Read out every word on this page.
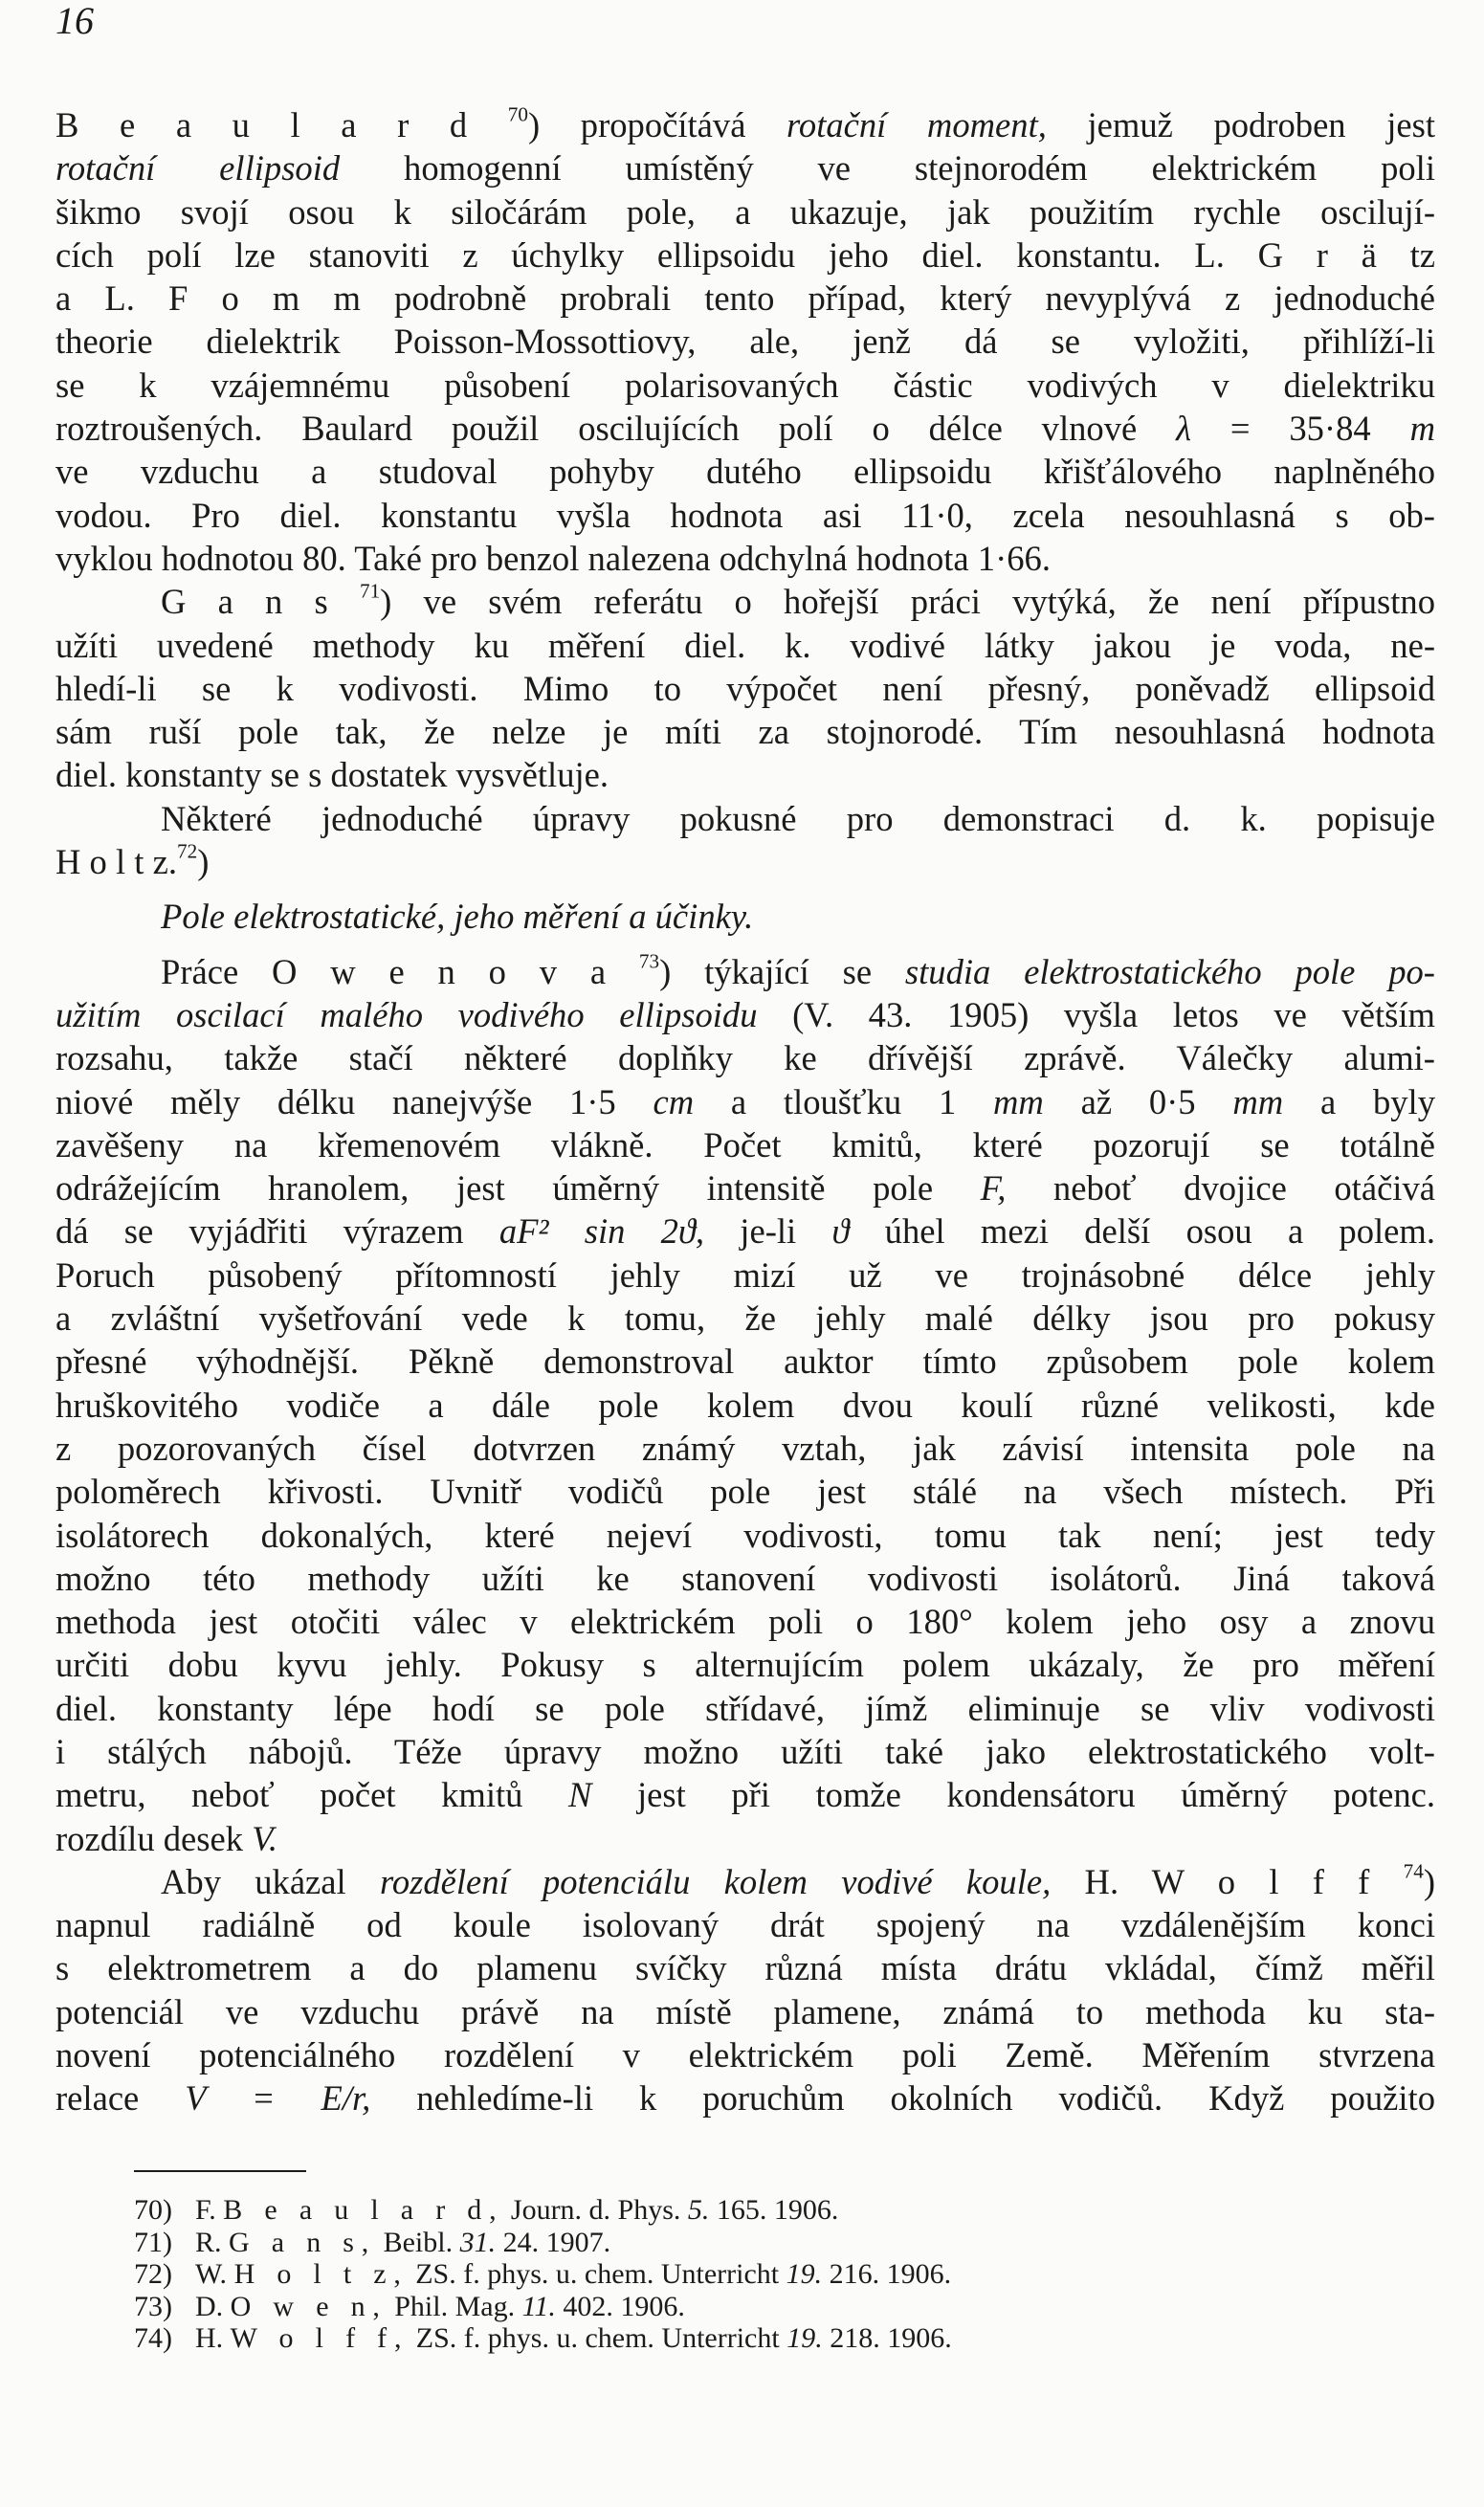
16
B e a u l a r d $^{70}$) propočítává rotační moment, jemuž podroben jest
rotační ellipsoid homogenní umístěný ve stejnorodém elektrickém poli
šikmo svojí osou k siločárám pole, a ukazuje, jak použitím rychle oscilují-
cích polí lze stanoviti z úchylky ellipsoidu jeho diel. konstantu. L. G r ä tz
a L. F o m m podrobně probrali tento případ, který nevyplývá z jednoduché
theorie dielektrik Poisson-Mossottiovy, ale, jenž dá se vyložiti, přihlíží-li
se k vzájemnému působení polarisovaných částic vodivých v dielektriku
roztroušených. Baulard použil oscilujících polí o délce vlnové λ = 35·84 m
ve vzduchu a studoval pohyby dutého ellipsoidu křišťálového naplněného
vodou. Pro diel. konstantu vyšla hodnota asi 11·0, zcela nesouhlasná s ob-
vyklou hodnotou 80. Také pro benzol nalezena odchylná hodnota 1·66.
G a n s $^{71}$) ve svém referátu o hořejší práci vytýká, že není přípustno
užíti uvedené methody ku měření diel. k. vodivé látky jakou je voda, ne-
hledí-li se k vodivosti. Mimo to výpočet není přesný, poněvadž ellipsoid
sám ruší pole tak, že nelze je míti za stojnorodé. Tím nesouhlasná hodnota
diel. konstanty se s dostatek vysvětluje.
Některé jednoduché úpravy pokusné pro demonstraci d. k. popisuje
H o l t z.$^{72}$)
Pole elektrostatické, jeho měření a účinky.
Práce O w e n o v a $^{73}$) týkající se studia elektrostatického pole po-
užitím oscilací malého vodivého ellipsoidu (V. 43. 1905) vyšla letos ve větším
rozsahu, takže stačí některé doplňky ke dřívější zprávě. Válečky alumi-
niové měly délku nanejvýše 1·5 cm a tloušťku 1 mm až 0·5 mm a byly
zavěšeny na křemenovém vlákně. Počet kmitů, které pozorují se totálně
odrážejícím hranolem, jest úměrný intensitě pole F, neboť dvojice otáčivá
dá se vyjádřiti výrazem aF² sin 2ϑ, je-li ϑ úhel mezi delší osou a polem.
Poruch působený přítomností jehly mizí už ve trojnásobné délce jehly
a zvláštní vyšetřování vede k tomu, že jehly malé délky jsou pro pokusy
přesné výhodnější. Pěkně demonstroval auktor tímto způsobem pole kolem
hruškovitého vodiče a dále pole kolem dvou koulí různé velikosti, kde
z pozorovaných čísel dotvrzen známý vztah, jak závisí intensita pole na
poloměrech křivosti. Uvnitř vodičů pole jest stálé na všech místech. Při
isolátorech dokonalých, které nejeví vodivosti, tomu tak není; jest tedy
možno této methody užíti ke stanovení vodivosti isolátorů. Jiná taková
methoda jest otočiti válec v elektrickém poli o 180° kolem jeho osy a znovu
určiti dobu kyvu jehly. Pokusy s alternujícím polem ukázaly, že pro měření
diel. konstanty lépe hodí se pole střídavé, jímž eliminuje se vliv vodivosti
i stálých nábojů. Téže úpravy možno užíti také jako elektrostatického volt-
metru, neboť počet kmitů N jest při tomže kondensátoru úměrný potenc.
rozdílu desek V.
Aby ukázal rozdělení potenciálu kolem vodivé koule, H. W o l f f $^{74}$)
napnul radiálně od koule isolovaný drát spojený na vzdálenějším konci
s elektrometrem a do plamenu svíčky různá místa drátu vkládal, čímž měřil
potenciál ve vzduchu právě na místě plamene, známá to methoda ku sta-
novení potenciálného rozdělení v elektrickém poli Země. Měřením stvrzena
relace V = E/r, nehledíme-li k poruchům okolních vodičů. Když použito
70) F. B e a u l a r d, Journ. d. Phys. 5. 165. 1906.
71) R. G a n s, Beibl. 31. 24. 1907.
72) W. H o l t z, ZS. f. phys. u. chem. Unterricht 19. 216. 1906.
73) D. O w e n, Phil. Mag. 11. 402. 1906.
74) H. W o l f f, ZS. f. phys. u. chem. Unterricht 19. 218. 1906.
